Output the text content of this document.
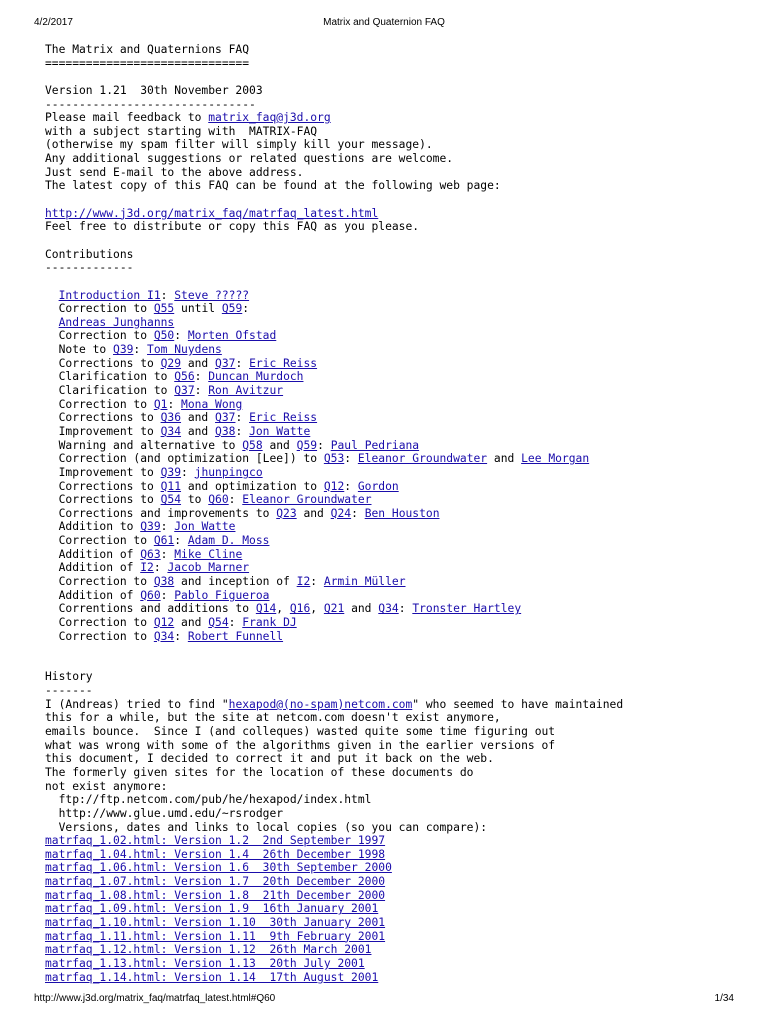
4/2/2017	Matrix and Quaternion FAQ
The Matrix and Quaternions FAQ
==============================
Version 1.21  30th November 2003
-------------------------------
Please mail feedback to matrix_faq@j3d.org
with a subject starting with  MATRIX-FAQ
(otherwise my spam filter will simply kill your message).
Any additional suggestions or related questions are welcome.
Just send E-mail to the above address.
The latest copy of this FAQ can be found at the following web page:
http://www.j3d.org/matrix_faq/matrfaq_latest.html
Feel free to distribute or copy this FAQ as you please.
Contributions
-------------
Introduction I1: Steve ?????
Correction to Q55 until Q59:
Andreas Junghanns
Correction to Q50: Morten Ofstad
Note to Q39: Tom Nuydens
Corrections to Q29 and Q37: Eric Reiss
Clarification to Q56: Duncan Murdoch
Clarification to Q37: Ron Avitzur
Correction to Q1: Mona Wong
Corrections to Q36 and Q37: Eric Reiss
Improvement to Q34 and Q38: Jon Watte
Warning and alternative to Q58 and Q59: Paul Pedriana
Correction (and optimization [Lee]) to Q53: Eleanor Groundwater and Lee Morgan
Improvement to Q39: jhunpingco
Corrections to Q11 and optimization to Q12: Gordon
Corrections to Q54 to Q60: Eleanor Groundwater
Corrections and improvements to Q23 and Q24: Ben Houston
Addition to Q39: Jon Watte
Correction to Q61: Adam D. Moss
Addition of Q63: Mike Cline
Addition of I2: Jacob Marner
Correction to Q38 and inception of I2: Armin Müller
Addition of Q60: Pablo Figueroa
Correntions and additions to Q14, Q16, Q21 and Q34: Tronster Hartley
Correction to Q12 and Q54: Frank DJ
Correction to Q34: Robert Funnell
History
-------
I (Andreas) tried to find "hexapod@(no-spam)netcom.com" who seemed to have maintained
this for a while, but the site at netcom.com doesn't exist anymore,
emails bounce.  Since I (and colleques) wasted quite some time figuring out
what was wrong with some of the algorithms given in the earlier versions of
this document, I decided to correct it and put it back on the web.
The formerly given sites for the location of these documents do
not exist anymore:
ftp://ftp.netcom.com/pub/he/hexapod/index.html
http://www.glue.umd.edu/~rsrodger
Versions, dates and links to local copies (so you can compare):
matrfaq_1.02.html: Version 1.2  2nd September 1997
matrfaq_1.04.html: Version 1.4  26th December 1998
matrfaq_1.06.html: Version 1.6  30th September 2000
matrfaq_1.07.html: Version 1.7  20th December 2000
matrfaq_1.08.html: Version 1.8  21th December 2000
matrfaq_1.09.html: Version 1.9  16th January 2001
matrfaq_1.10.html: Version 1.10  30th January 2001
matrfaq_1.11.html: Version 1.11  9th February 2001
matrfaq_1.12.html: Version 1.12  26th March 2001
matrfaq_1.13.html: Version 1.13  20th July 2001
matrfaq_1.14.html: Version 1.14  17th August 2001
http://www.j3d.org/matrix_faq/matrfaq_latest.html#Q60	1/34
